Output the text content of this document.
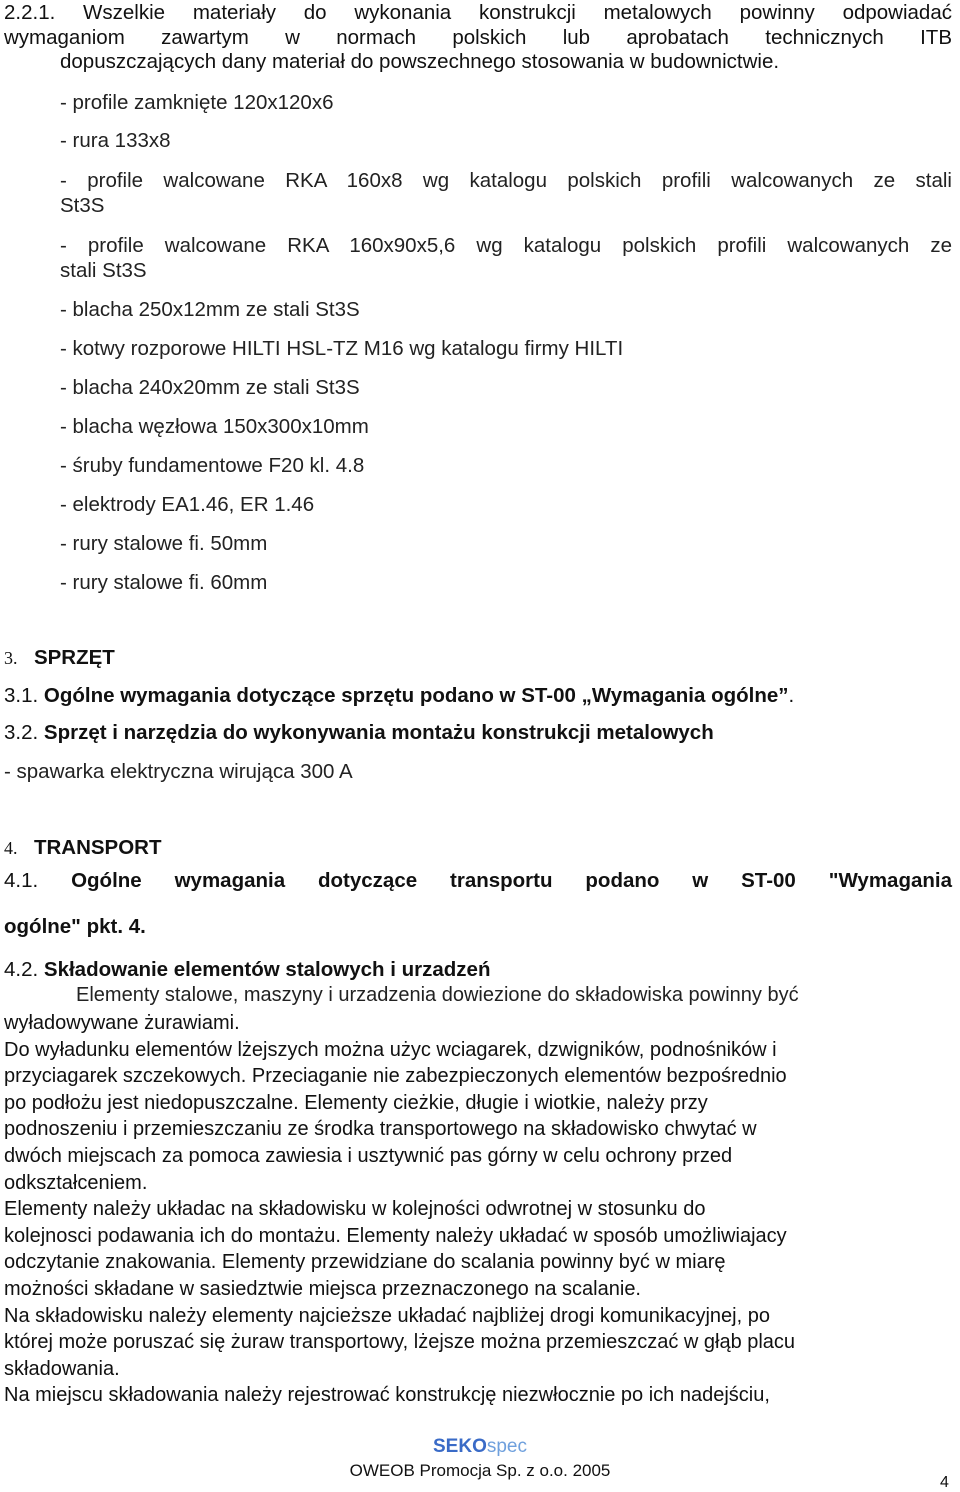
2.2.1. Wszelkie materiały do wykonania konstrukcji metalowych powinny odpowiadać
wymaganiom zawartym w normach polskich lub aprobatach technicznych ITB
dopuszczających dany materiał do powszechnego stosowania w budownictwie.
- profile zamknięte 120x120x6
- rura 133x8
- profile walcowane RKA 160x8 wg katalogu polskich profili walcowanych ze stali
St3S
- profile walcowane RKA 160x90x5,6 wg katalogu polskich profili walcowanych ze
stali St3S
- blacha 250x12mm ze stali St3S
- kotwy rozporowe HILTI HSL-TZ M16 wg katalogu firmy HILTI
- blacha 240x20mm ze stali St3S
- blacha węzłowa 150x300x10mm
- śruby fundamentowe F20 kl. 4.8
- elektrody EA1.46, ER 1.46
- rury stalowe fi. 50mm
- rury stalowe fi. 60mm
3. SPRZĘT
3.1. Ogólne wymagania dotyczące sprzętu podano w ST-00 „Wymagania ogólne”.
3.2. Sprzęt i narzędzia do wykonywania montażu konstrukcji metalowych
- spawarka elektryczna wirująca 300 A
4. TRANSPORT
4.1. Ogólne wymagania dotyczące transportu podano w ST-00 "Wymagania
ogólne" pkt. 4.
4.2. Składowanie elementów stalowych i urzadzeń
Elementy stalowe, maszyny i urzadzenia dowiezione do składowiska powinny być
wyładowywane żurawiami.
Do wyładunku elementów lżejszych można użyc wciagarek, dzwigników, podnośników i
przyciagarek szczekowych. Przeciaganie nie zabezpieczonych elementów bezpośrednio
po podłożu jest niedopuszczalne. Elementy cieżkie, długie i wiotkie, należy przy
podnoszeniu i przemieszczaniu ze środka transportowego na składowisko chwytać w
dwóch miejscach za pomoca zawiesia i usztywnić pas górny w celu ochrony przed
odkształceniem.
Elementy należy układac na składowisku w kolejności odwrotnej w stosunku do
kolejnosci podawania ich do montażu. Elementy należy układać w sposób umożliwiajacy
odczytanie znakowania. Elementy przewidziane do scalania powinny być w miarę
możności składane w sasiedztwie miejsca przeznaczonego na scalanie.
Na składowisku należy elementy najcieższe układać najbliżej drogi komunikacyjnej, po
której może poruszać się żuraw transportowy, lżejsze można przemieszczać w głąb placu
składowania.
Na miejscu składowania należy rejestrować konstrukcję niezwłocznie po ich nadejściu,
SEKOspec
OWEOB Promocja Sp. z o.o. 2005
4
